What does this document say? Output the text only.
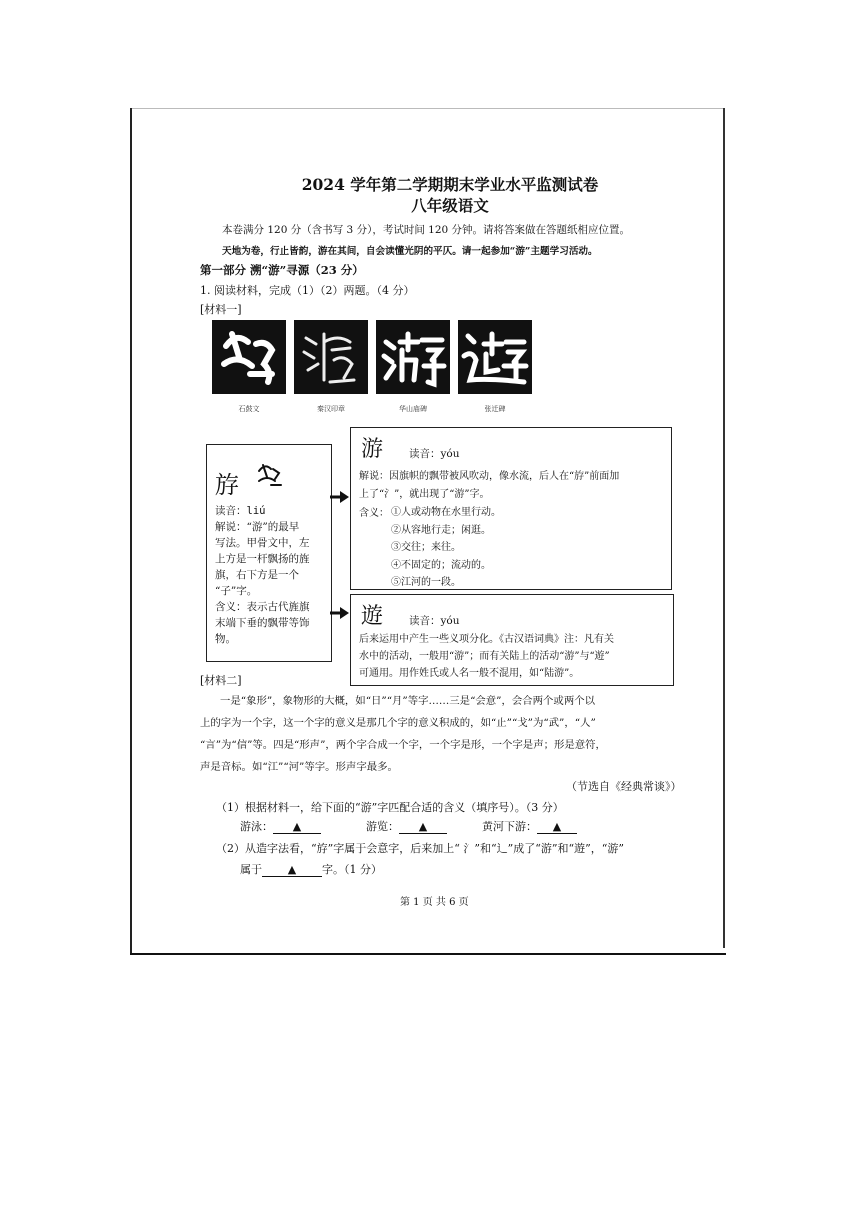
2024 学年第二学期期末学业水平监测试卷
八年级语文
本卷满分 120 分（含书写 3 分），考试时间 120 分钟。请将答案做在答题纸相应位置。
天地为卷，行止皆韵，游在其间，自会读懂光阴的平仄。请一起参加“游”主题学习活动。
第一部分 溯“游”寻源（23 分）
1. 阅读材料，完成（1）（2）两题。（4 分）
[材料一]
石鼓文	秦汉印章	华山庙碑	张迁碑
斿
读音：liú
解说：“游”的最早
写法。甲骨文中，左
上方是一杆飘扬的旌
旗，右下方是一个
“子”字。
含义：表示古代旌旗
末端下垂的飘带等饰
物。
游 读音：yóu
解说：因旗帜的飘带被风吹动，像水流，后人在“斿”前面加
上了“氵”，就出现了“游”字。
含义： ①人或动物在水里行动。
②从容地行走；闲逛。
③交往；来往。
④不固定的；流动的。
⑤江河的一段。
遊 读音：yóu
后来运用中产生一些义项分化。《古汉语词典》注：凡有关
水中的活动，一般用“游”；而有关陆上的活动“游”与“遊”
可通用。用作姓氏或人名一般不混用，如“陆游”。
[材料二]
一是“象形”，象物形的大概，如“日”“月”等字……三是“会意”，会合两个或两个以
上的字为一个字，这一个字的意义是那几个字的意义积成的，如“止”“戈”为“武”，“人”
“言”为“信”等。四是“形声”，两个字合成一个字，一个字是形，一个字是声；形是意符，
声是音标。如“江”“河”等字。形声字最多。
（节选自《经典常谈》）
（1）根据材料一，给下面的“游”字匹配合适的含义（填序号）。（3 分）
游泳： ▲	游览： ▲	黄河下游： ▲
（2）从造字法看，“斿”字属于会意字，后来加上“ 氵”和“辶”成了“游”和“遊”，“游”
属于 ▲ 字。（1 分）
第 1 页 共 6 页
